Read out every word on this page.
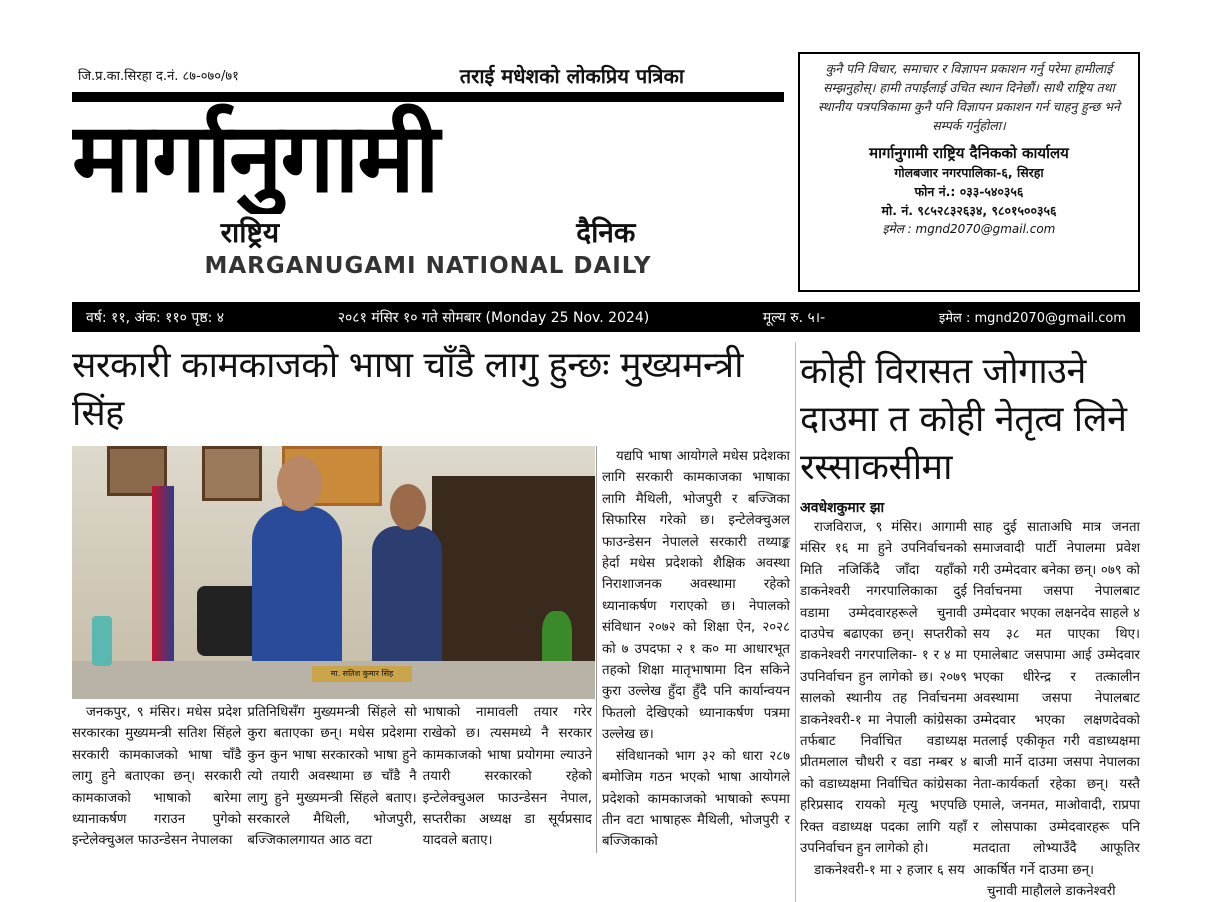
जि.प्र.का.सिरहा द.नं. ८७-०७०/७१	तराई मधेशको लोकप्रिय पत्रिका
मार्गानुगामी
राष्ट्रिय	दैनिक
MARGANUGAMI NATIONAL DAILY
कुनै पनि विचार, समाचार र विज्ञापन प्रकाशन गर्नु परेमा हामीलाई सम्झनुहोस्। हामी तपाईंलाई उचित स्थान दिनेछौं। साथै राष्ट्रिय तथा स्थानीय पत्रपत्रिकामा कुनै पनि विज्ञापन प्रकाशन गर्न चाहनु हुन्छ भने सम्पर्क गर्नुहोला।
मार्गानुगामी राष्ट्रिय दैनिकको कार्यालय
गोलबजार नगरपालिका-६, सिरहा
फोन नं.: ०३३-५४०३५६
मो. नं. ९८५२८३२६३४, ९८०१५००३५६
इमेल : mgnd2070@gmail.com
वर्ष: ११, अंक: ११० पृष्ठ: ४	२०८१ मंसिर १० गते सोमबार (Monday 25 Nov. 2024)	मूल्य रु. ५।-	इमेल : mgnd2070@gmail.com
सरकारी कामकाजको भाषा चाँडै लागु हुन्छः मुख्यमन्त्री सिंह
मा. सतिश कुमार सिंह

जनकपुर, ९ मंसिर। मधेस प्रदेश सरकारका मुख्यमन्त्री सतिश सिंहले सरकारी कामकाजको भाषा चाँडै लागु हुने बताएका छन्। सरकारी कामकाजको भाषाको बारेमा ध्यानाकर्षण गराउन पुगेको इन्टेलेक्चुअल फाउन्डेसन नेपालका

प्रतिनिधिसँग मुख्यमन्त्री सिंहले सो कुरा बताएका छन्। मधेस प्रदेशमा कुन कुन भाषा सरकारको भाषा हुने त्यो तयारी अवस्थामा छ चाँडै नै लागु हुने मुख्यमन्त्री सिंहले बताए। सरकारले मैथिली, भोजपुरी, बज्जिकालगायत आठ वटा

भाषाको नामावली तयार गरेर राखेको छ। त्यसमध्ये नै सरकार कामकाजको भाषा प्रयोगमा ल्याउने तयारी सरकारको रहेको इन्टेलेक्चुअल फाउन्डेसन नेपाल, सप्तरीका अध्यक्ष डा सूर्यप्रसाद यादवले बताए।

यद्यपि भाषा आयोगले मधेस प्रदेशका लागि सरकारी कामकाजका भाषाका लागि मैथिली, भोजपुरी र बज्जिका सिफारिस गरेको छ। इन्टेलेक्चुअल फाउन्डेसन नेपालले सरकारी तथ्याङ्क हेर्दा मधेस प्रदेशको शैक्षिक अवस्था निराशाजनक अवस्थामा रहेको ध्यानाकर्षण गराएको छ। नेपालको संविधान २०७२ को शिक्षा ऐन, २०२८ को ७ उपदफा २ १ क० मा आधारभूत तहको शिक्षा मातृभाषामा दिन सकिने कुरा उल्लेख हुँदा हुँदै पनि कार्यान्वयन फितलो देखिएको ध्यानाकर्षण पत्रमा उल्लेख छ।

संविधानको भाग ३२ को धारा २८७ बमोजिम गठन भएको भाषा आयोगले प्रदेशको कामकाजको भाषाको रूपमा तीन वटा भाषाहरू मैथिली, भोजपुरी र बज्जिकाको

कोही विरासत जोगाउने दाउमा त कोही नेतृत्व लिने रस्साकसीमा
अवधेशकुमार झा

राजविराज, ९ मंसिर। आगामी मंसिर १६ मा हुने उपनिर्वाचनको मिति नजिकिँदै जाँदा यहाँको डाकनेश्वरी नगरपालिकाका दुई वडामा उम्मेदवारहरूले चुनावी दाउपेच बढाएका छन्। सप्तरीको डाकनेश्वरी नगरपालिका- १ र ४ मा उपनिर्वाचन हुन लागेको छ। २०७९ सालको स्थानीय तह निर्वाचनमा डाकनेश्वरी-१ मा नेपाली कांग्रेसका तर्फबाट निर्वाचित वडाध्यक्ष प्रीतमलाल चौधरी र वडा नम्बर ४ को वडाध्यक्षमा निर्वाचित कांग्रेसका हरिप्रसाद रायको मृत्यु भएपछि रिक्त वडाध्यक्ष पदका लागि यहाँ उपनिर्वाचन हुन लागेको हो।

डाकनेश्वरी-१ मा २ हजार ६ सय

साह दुई साताअघि मात्र जनता समाजवादी पार्टी नेपालमा प्रवेश गरी उम्मेदवार बनेका छन्। ०७९ को निर्वाचनमा जसपा नेपालबाट उम्मेदवार भएका लक्षनदेव साहले ४ सय ३८ मत पाएका थिए। एमालेबाट जसपामा आई उम्मेदवार भएका धीरेन्द्र र तत्कालीन अवस्थामा जसपा नेपालबाट उम्मेदवार भएका लक्षणदेवको मतलाई एकीकृत गरी वडाध्यक्षमा बाजी मार्ने दाउमा जसपा नेपालका नेता-कार्यकर्ता रहेका छन्। यस्तै एमाले, जनमत, माओवादी, राप्रपा र लोसपाका उम्मेदवारहरू पनि मतदाता लोभ्याउँदै आफूतिर आकर्षित गर्ने दाउमा छन्।

चुनावी माहौलले डाकनेश्वरी
